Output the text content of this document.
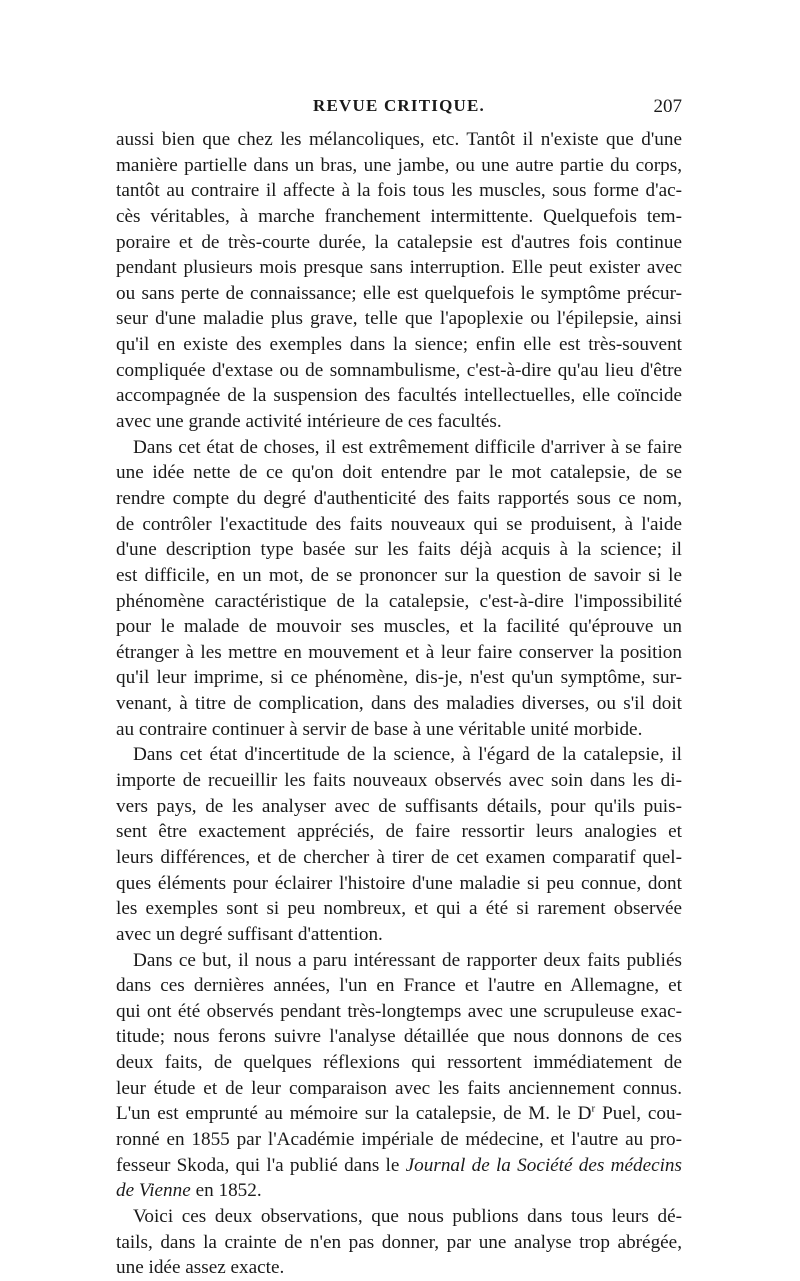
REVUE CRITIQUE.	207
aussi bien que chez les mélancoliques, etc. Tantôt il n'existe que d'une
manière partielle dans un bras, une jambe, ou une autre partie du corps,
tantôt au contraire il affecte à la fois tous les muscles, sous forme d'ac-
cès véritables, à marche franchement intermittente. Quelquefois tem-
poraire et de très-courte durée, la catalepsie est d'autres fois continue
pendant plusieurs mois presque sans interruption. Elle peut exister avec
ou sans perte de connaissance; elle est quelquefois le symptôme précur-
seur d'une maladie plus grave, telle que l'apoplexie ou l'épilepsie, ainsi
qu'il en existe des exemples dans la sience; enfin elle est très-souvent
compliquée d'extase ou de somnambulisme, c'est-à-dire qu'au lieu d'être
accompagnée de la suspension des facultés intellectuelles, elle coïncide
avec une grande activité intérieure de ces facultés.
Dans cet état de choses, il est extrêmement difficile d'arriver à se faire
une idée nette de ce qu'on doit entendre par le mot catalepsie, de se
rendre compte du degré d'authenticité des faits rapportés sous ce nom,
de contrôler l'exactitude des faits nouveaux qui se produisent, à l'aide
d'une description type basée sur les faits déjà acquis à la science; il
est difficile, en un mot, de se prononcer sur la question de savoir si le
phénomène caractéristique de la catalepsie, c'est-à-dire l'impossibilité
pour le malade de mouvoir ses muscles, et la facilité qu'éprouve un
étranger à les mettre en mouvement et à leur faire conserver la position
qu'il leur imprime, si ce phénomène, dis-je, n'est qu'un symptôme, sur-
venant, à titre de complication, dans des maladies diverses, ou s'il doit
au contraire continuer à servir de base à une véritable unité morbide.
Dans cet état d'incertitude de la science, à l'égard de la catalepsie, il
importe de recueillir les faits nouveaux observés avec soin dans les di-
vers pays, de les analyser avec de suffisants détails, pour qu'ils puis-
sent être exactement appréciés, de faire ressortir leurs analogies et
leurs différences, et de chercher à tirer de cet examen comparatif quel-
ques éléments pour éclairer l'histoire d'une maladie si peu connue, dont
les exemples sont si peu nombreux, et qui a été si rarement observée
avec un degré suffisant d'attention.
Dans ce but, il nous a paru intéressant de rapporter deux faits publiés
dans ces dernières années, l'un en France et l'autre en Allemagne, et
qui ont été observés pendant très-longtemps avec une scrupuleuse exac-
titude; nous ferons suivre l'analyse détaillée que nous donnons de ces
deux faits, de quelques réflexions qui ressortent immédiatement de
leur étude et de leur comparaison avec les faits anciennement connus.
L'un est emprunté au mémoire sur la catalepsie, de M. le $D^r$ Puel, cou-
ronné en 1855 par l'Académie impériale de médecine, et l'autre au pro-
fesseur Skoda, qui l'a publié dans le Journal de la Société des médecins
de Vienne en 1852.
Voici ces deux observations, que nous publions dans tous leurs dé-
tails, dans la crainte de n'en pas donner, par une analyse trop abrégée,
une idée assez exacte.
